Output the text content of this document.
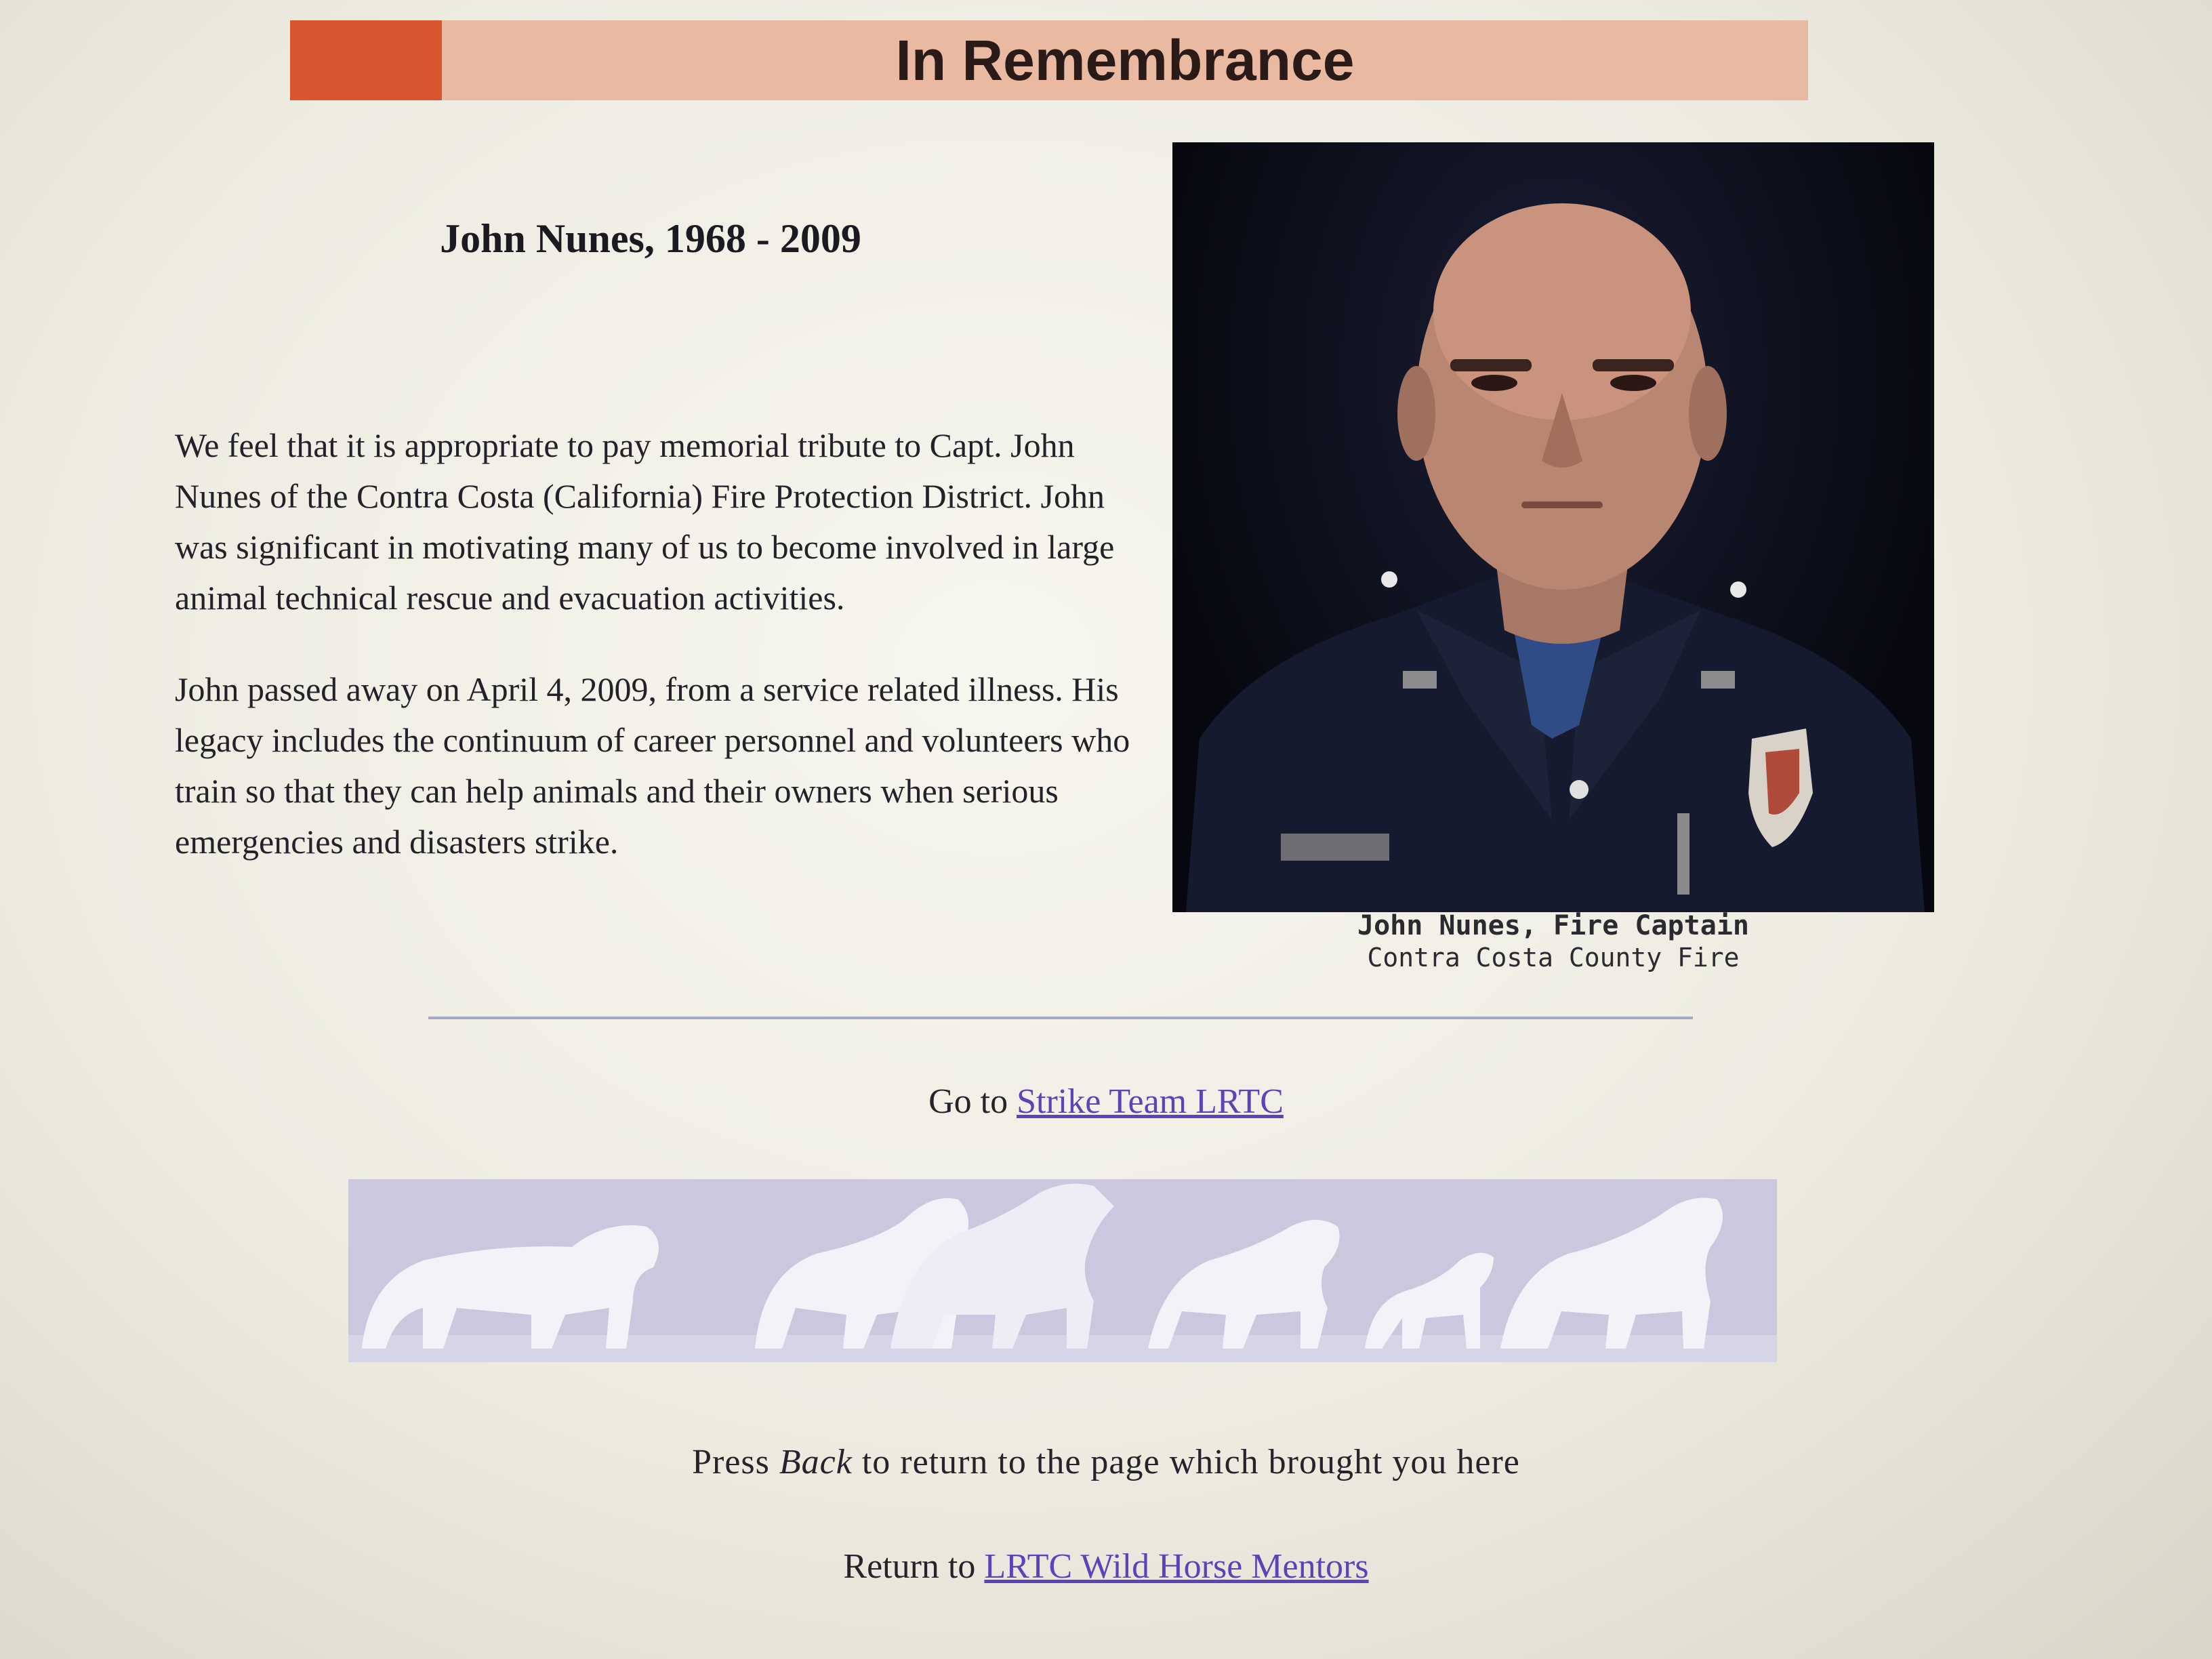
In Remembrance
John Nunes, 1968 - 2009

We feel that it is appropriate to pay memorial tribute to Capt. John Nunes of the Contra Costa (California) Fire Protection District. John was significant in motivating many of us to become involved in large animal technical rescue and evacuation activities.

John passed away on April 4, 2009, from a service related illness. His legacy includes the continuum of career personnel and volunteers who train so that they can help animals and their owners when serious emergencies and disasters strike.

John Nunes, Fire Captain
Contra Costa County Fire
Go to Strike Team LRTC
Press Back to return to the page which brought you here
Return to LRTC Wild Horse Mentors
